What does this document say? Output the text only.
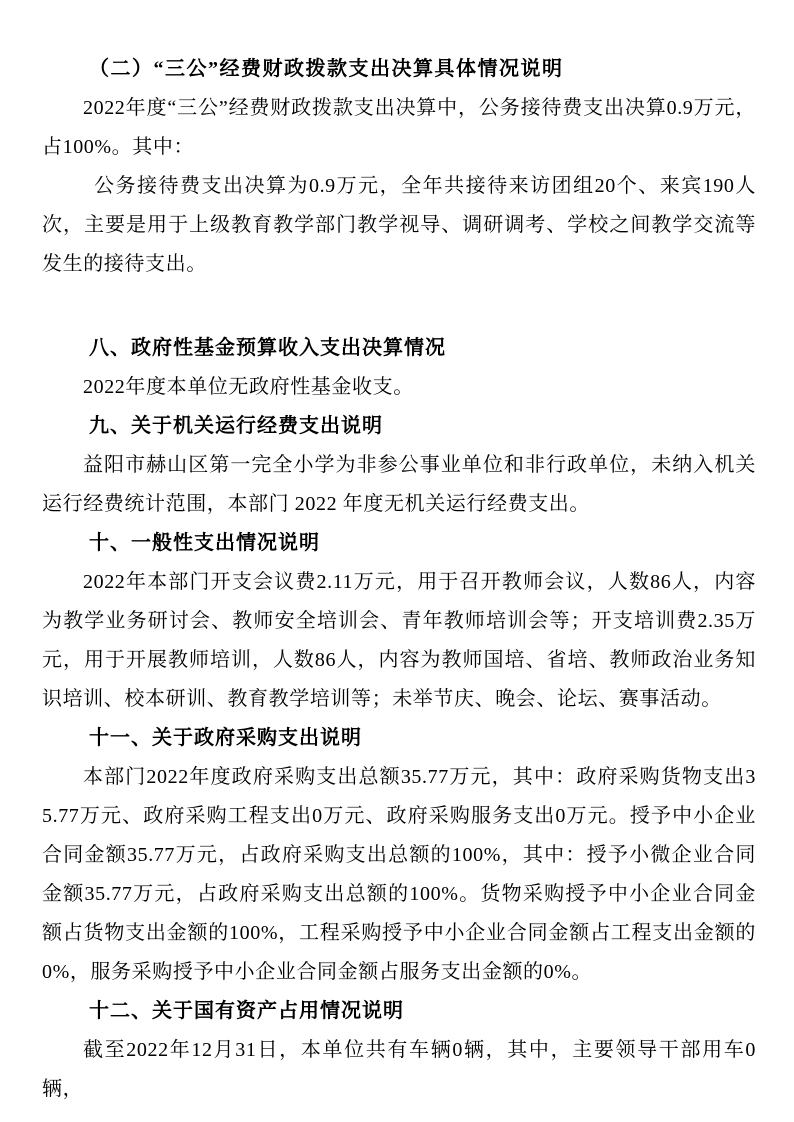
（二）“三公”经费财政拨款支出决算具体情况说明
2022年度“三公”经费财政拨款支出决算中，公务接待费支出决算0.9万元，占100%。其中：
公务接待费支出决算为0.9万元，全年共接待来访团组20个、来宾190人次，主要是用于上级教育教学部门教学视导、调研调考、学校之间教学交流等发生的接待支出。
八、政府性基金预算收入支出决算情况
2022年度本单位无政府性基金收支。
九、关于机关运行经费支出说明
益阳市赫山区第一完全小学为非参公事业单位和非行政单位，未纳入机关运行经费统计范围，本部门 2022 年度无机关运行经费支出。
十、一般性支出情况说明
2022年本部门开支会议费2.11万元，用于召开教师会议，人数86人，内容为教学业务研讨会、教师安全培训会、青年教师培训会等；开支培训费2.35万元，用于开展教师培训，人数86人，内容为教师国培、省培、教师政治业务知识培训、校本研训、教育教学培训等；未举节庆、晚会、论坛、赛事活动。
十一、关于政府采购支出说明
本部门2022年度政府采购支出总额35.77万元，其中：政府采购货物支出35.77万元、政府采购工程支出0万元、政府采购服务支出0万元。授予中小企业合同金额35.77万元，占政府采购支出总额的100%，其中：授予小微企业合同金额35.77万元，占政府采购支出总额的100%。货物采购授予中小企业合同金额占货物支出金额的100%，工程采购授予中小企业合同金额占工程支出金额的0%，服务采购授予中小企业合同金额占服务支出金额的0%。
十二、关于国有资产占用情况说明
截至2022年12月31日，本单位共有车辆0辆，其中，主要领导干部用车0辆，
